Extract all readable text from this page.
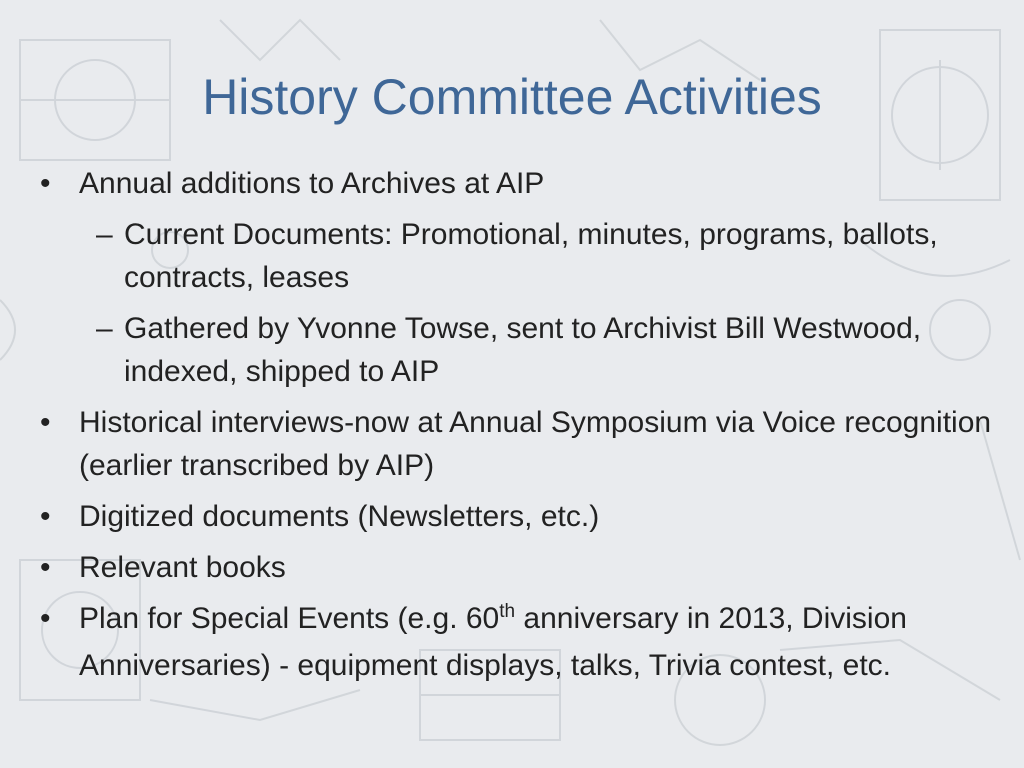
History Committee Activities
• Annual additions to Archives at AIP
– Current Documents: Promotional, minutes, programs, ballots, contracts, leases
– Gathered by Yvonne Towse, sent to Archivist Bill Westwood, indexed, shipped to AIP
• Historical interviews-now at Annual Symposium via Voice recognition (earlier transcribed by AIP)
• Digitized documents (Newsletters, etc.)
• Relevant books
• Plan for Special Events (e.g. 60th anniversary in 2013, Division Anniversaries) - equipment displays, talks, Trivia contest, etc.
